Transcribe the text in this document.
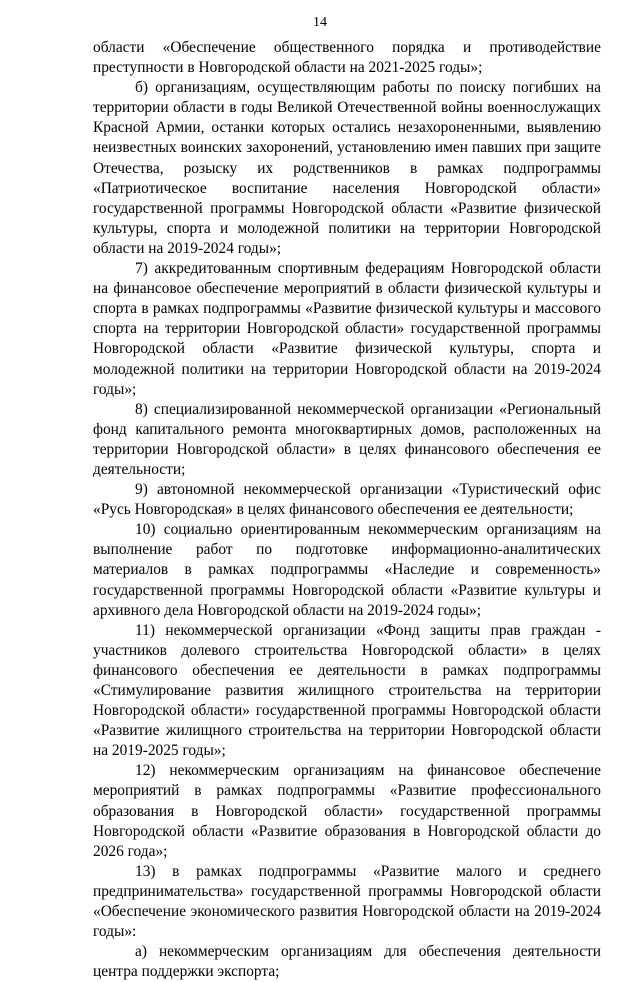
14

области «Обеспечение общественного порядка и противодействие преступности в Новгородской области на 2021-2025 годы»;

б) организациям, осуществляющим работы по поиску погибших на территории области в годы Великой Отечественной войны военнослужащих Красной Армии, останки которых остались незахороненными, выявлению неизвестных воинских захоронений, установлению имен павших при защите Отечества, розыску их родственников в рамках подпрограммы «Патриотическое воспитание населения Новгородской области» государственной программы Новгородской области «Развитие физической культуры, спорта и молодежной политики на территории Новгородской области на 2019-2024 годы»;

7) аккредитованным спортивным федерациям Новгородской области на финансовое обеспечение мероприятий в области физической культуры и спорта в рамках подпрограммы «Развитие физической культуры и массового спорта на территории Новгородской области» государственной программы Новгородской области «Развитие физической культуры, спорта и молодежной политики на территории Новгородской области на 2019-2024 годы»;

8) специализированной некоммерческой организации «Региональный фонд капитального ремонта многоквартирных домов, расположенных на территории Новгородской области» в целях финансового обеспечения ее деятельности;

9) автономной некоммерческой организации «Туристический офис «Русь Новгородская» в целях финансового обеспечения ее деятельности;

10) социально ориентированным некоммерческим организациям на выполнение работ по подготовке информационно-аналитических материалов в рамках подпрограммы «Наследие и современность» государственной программы Новгородской области «Развитие культуры и архивного дела Новгородской области на 2019-2024 годы»;

11) некоммерческой организации «Фонд защиты прав граждан - участников долевого строительства Новгородской области» в целях финансового обеспечения ее деятельности в рамках подпрограммы «Стимулирование развития жилищного строительства на территории Новгородской области» государственной программы Новгородской области «Развитие жилищного строительства на территории Новгородской области на 2019-2025 годы»;

12) некоммерческим организациям на финансовое обеспечение мероприятий в рамках подпрограммы «Развитие профессионального образования в Новгородской области» государственной программы Новгородской области «Развитие образования в Новгородской области до 2026 года»;

13) в рамках подпрограммы «Развитие малого и среднего предпринимательства» государственной программы Новгородской области «Обеспечение экономического развития Новгородской области на 2019-2024 годы»:

а) некоммерческим организациям для обеспечения деятельности центра поддержки экспорта;
